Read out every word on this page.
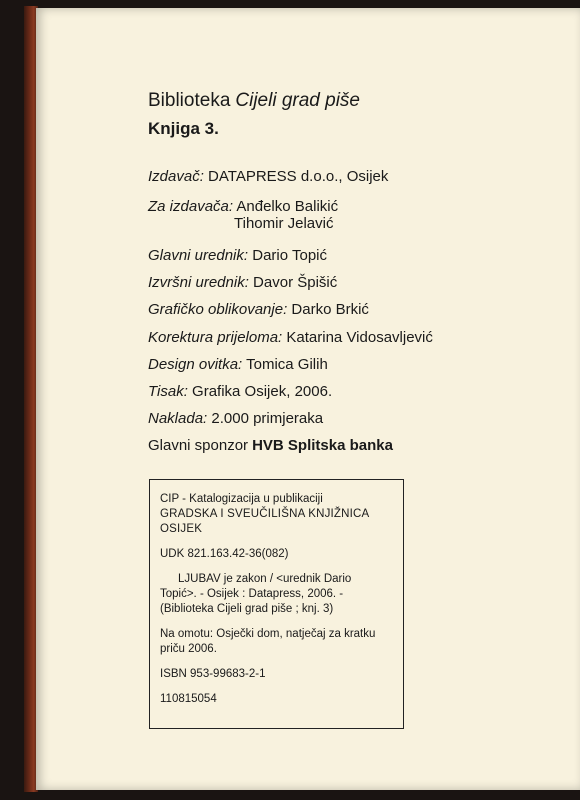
Biblioteka Cijeli grad piše
Knjiga 3.
Izdavač: DATAPRESS d.o.o., Osijek
Za izdavača: Anđelko Balikić
Tihomir Jelavić
Glavni urednik: Dario Topić
Izvršni urednik: Davor Špišić
Grafičko oblikovanje: Darko Brkić
Korektura prijeloma: Katarina Vidosavljević
Design ovitka: Tomica Gilih
Tisak: Grafika Osijek, 2006.
Naklada: 2.000 primjeraka
Glavni sponzor HVB Splitska banka

CIP - Katalogizacija u publikaciji

GRADSKA I SVEUČILIŠNA KNJIŽNICA OSIJEK

UDK 821.163.42-36(082)

LJUBAV je zakon / <urednik Dario

Topić>. - Osijek : Datapress, 2006. -

(Biblioteka Cijeli grad piše ; knj. 3)

Na omotu: Osječki dom, natječaj za kratku

priču 2006.

ISBN 953-99683-2-1

110815054
